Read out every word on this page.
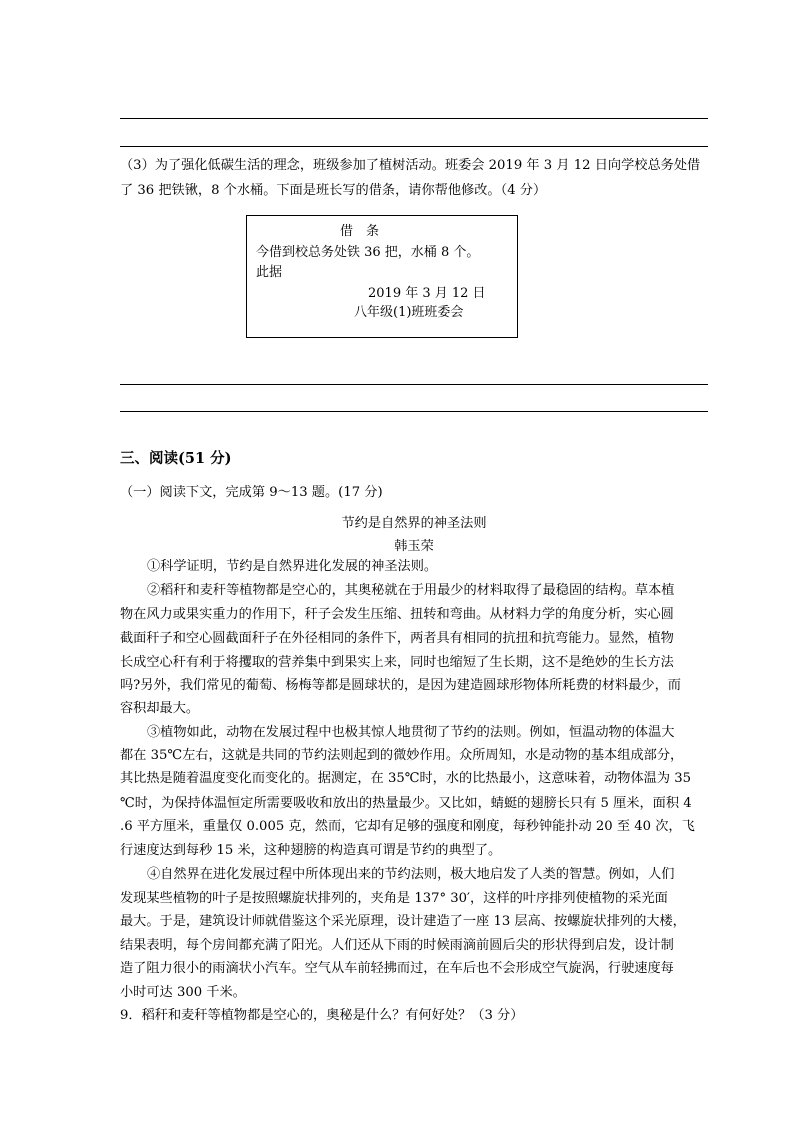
（3）为了强化低碳生活的理念，班级参加了植树活动。班委会 2019 年 3 月 12 日向学校总务处借
了 36 把铁锹，8 个水桶。下面是班长写的借条，请你帮他修改。（4 分）
借　条
今借到校总务处铁 36 把，水桶 8 个。
此据
2019 年 3 月 12 日
八年级(1)班班委会
三、阅读(51 分)
（一）阅读下文，完成第 9～13 题。(17 分)
节约是自然界的神圣法则
韩玉荣
①科学证明，节约是自然界进化发展的神圣法则。
②稻秆和麦秆等植物都是空心的，其奥秘就在于用最少的材料取得了最稳固的结构。草本植
物在风力或果实重力的作用下，秆子会发生压缩、扭转和弯曲。从材料力学的角度分析，实心圆
截面秆子和空心圆截面秆子在外径相同的条件下，两者具有相同的抗扭和抗弯能力。显然，植物
长成空心秆有利于将攫取的营养集中到果实上来，同时也缩短了生长期，这不是绝妙的生长方法
吗?另外，我们常见的葡萄、杨梅等都是圆球状的，是因为建造圆球形物体所耗费的材料最少，而
容积却最大。
③植物如此，动物在发展过程中也极其惊人地贯彻了节约的法则。例如，恒温动物的体温大
都在 35℃左右，这就是共同的节约法则起到的微妙作用。众所周知，水是动物的基本组成部分，
其比热是随着温度变化而变化的。据测定，在 35℃时，水的比热最小，这意味着，动物体温为 35
℃时，为保持体温恒定所需要吸收和放出的热量最少。又比如，蜻蜓的翅膀长只有 5 厘米，面积 4
.6 平方厘米，重量仅 0.005 克，然而，它却有足够的强度和刚度，每秒钟能扑动 20 至 40 次，飞
行速度达到每秒 15 米，这种翅膀的构造真可谓是节约的典型了。
④自然界在进化发展过程中所体现出来的节约法则，极大地启发了人类的智慧。例如，人们
发现某些植物的叶子是按照螺旋状排列的，夹角是 137° 30′，这样的叶序排列使植物的采光面
最大。于是，建筑设计师就借鉴这个采光原理，设计建造了一座 13 层高、按螺旋状排列的大楼，
结果表明，每个房间都充满了阳光。人们还从下雨的时候雨滴前圆后尖的形状得到启发，设计制
造了阻力很小的雨滴状小汽车。空气从车前轻拂而过，在车后也不会形成空气旋涡，行驶速度每
小时可达 300 千米。
9．稻秆和麦秆等植物都是空心的，奥秘是什么？有何好处？（3 分）
